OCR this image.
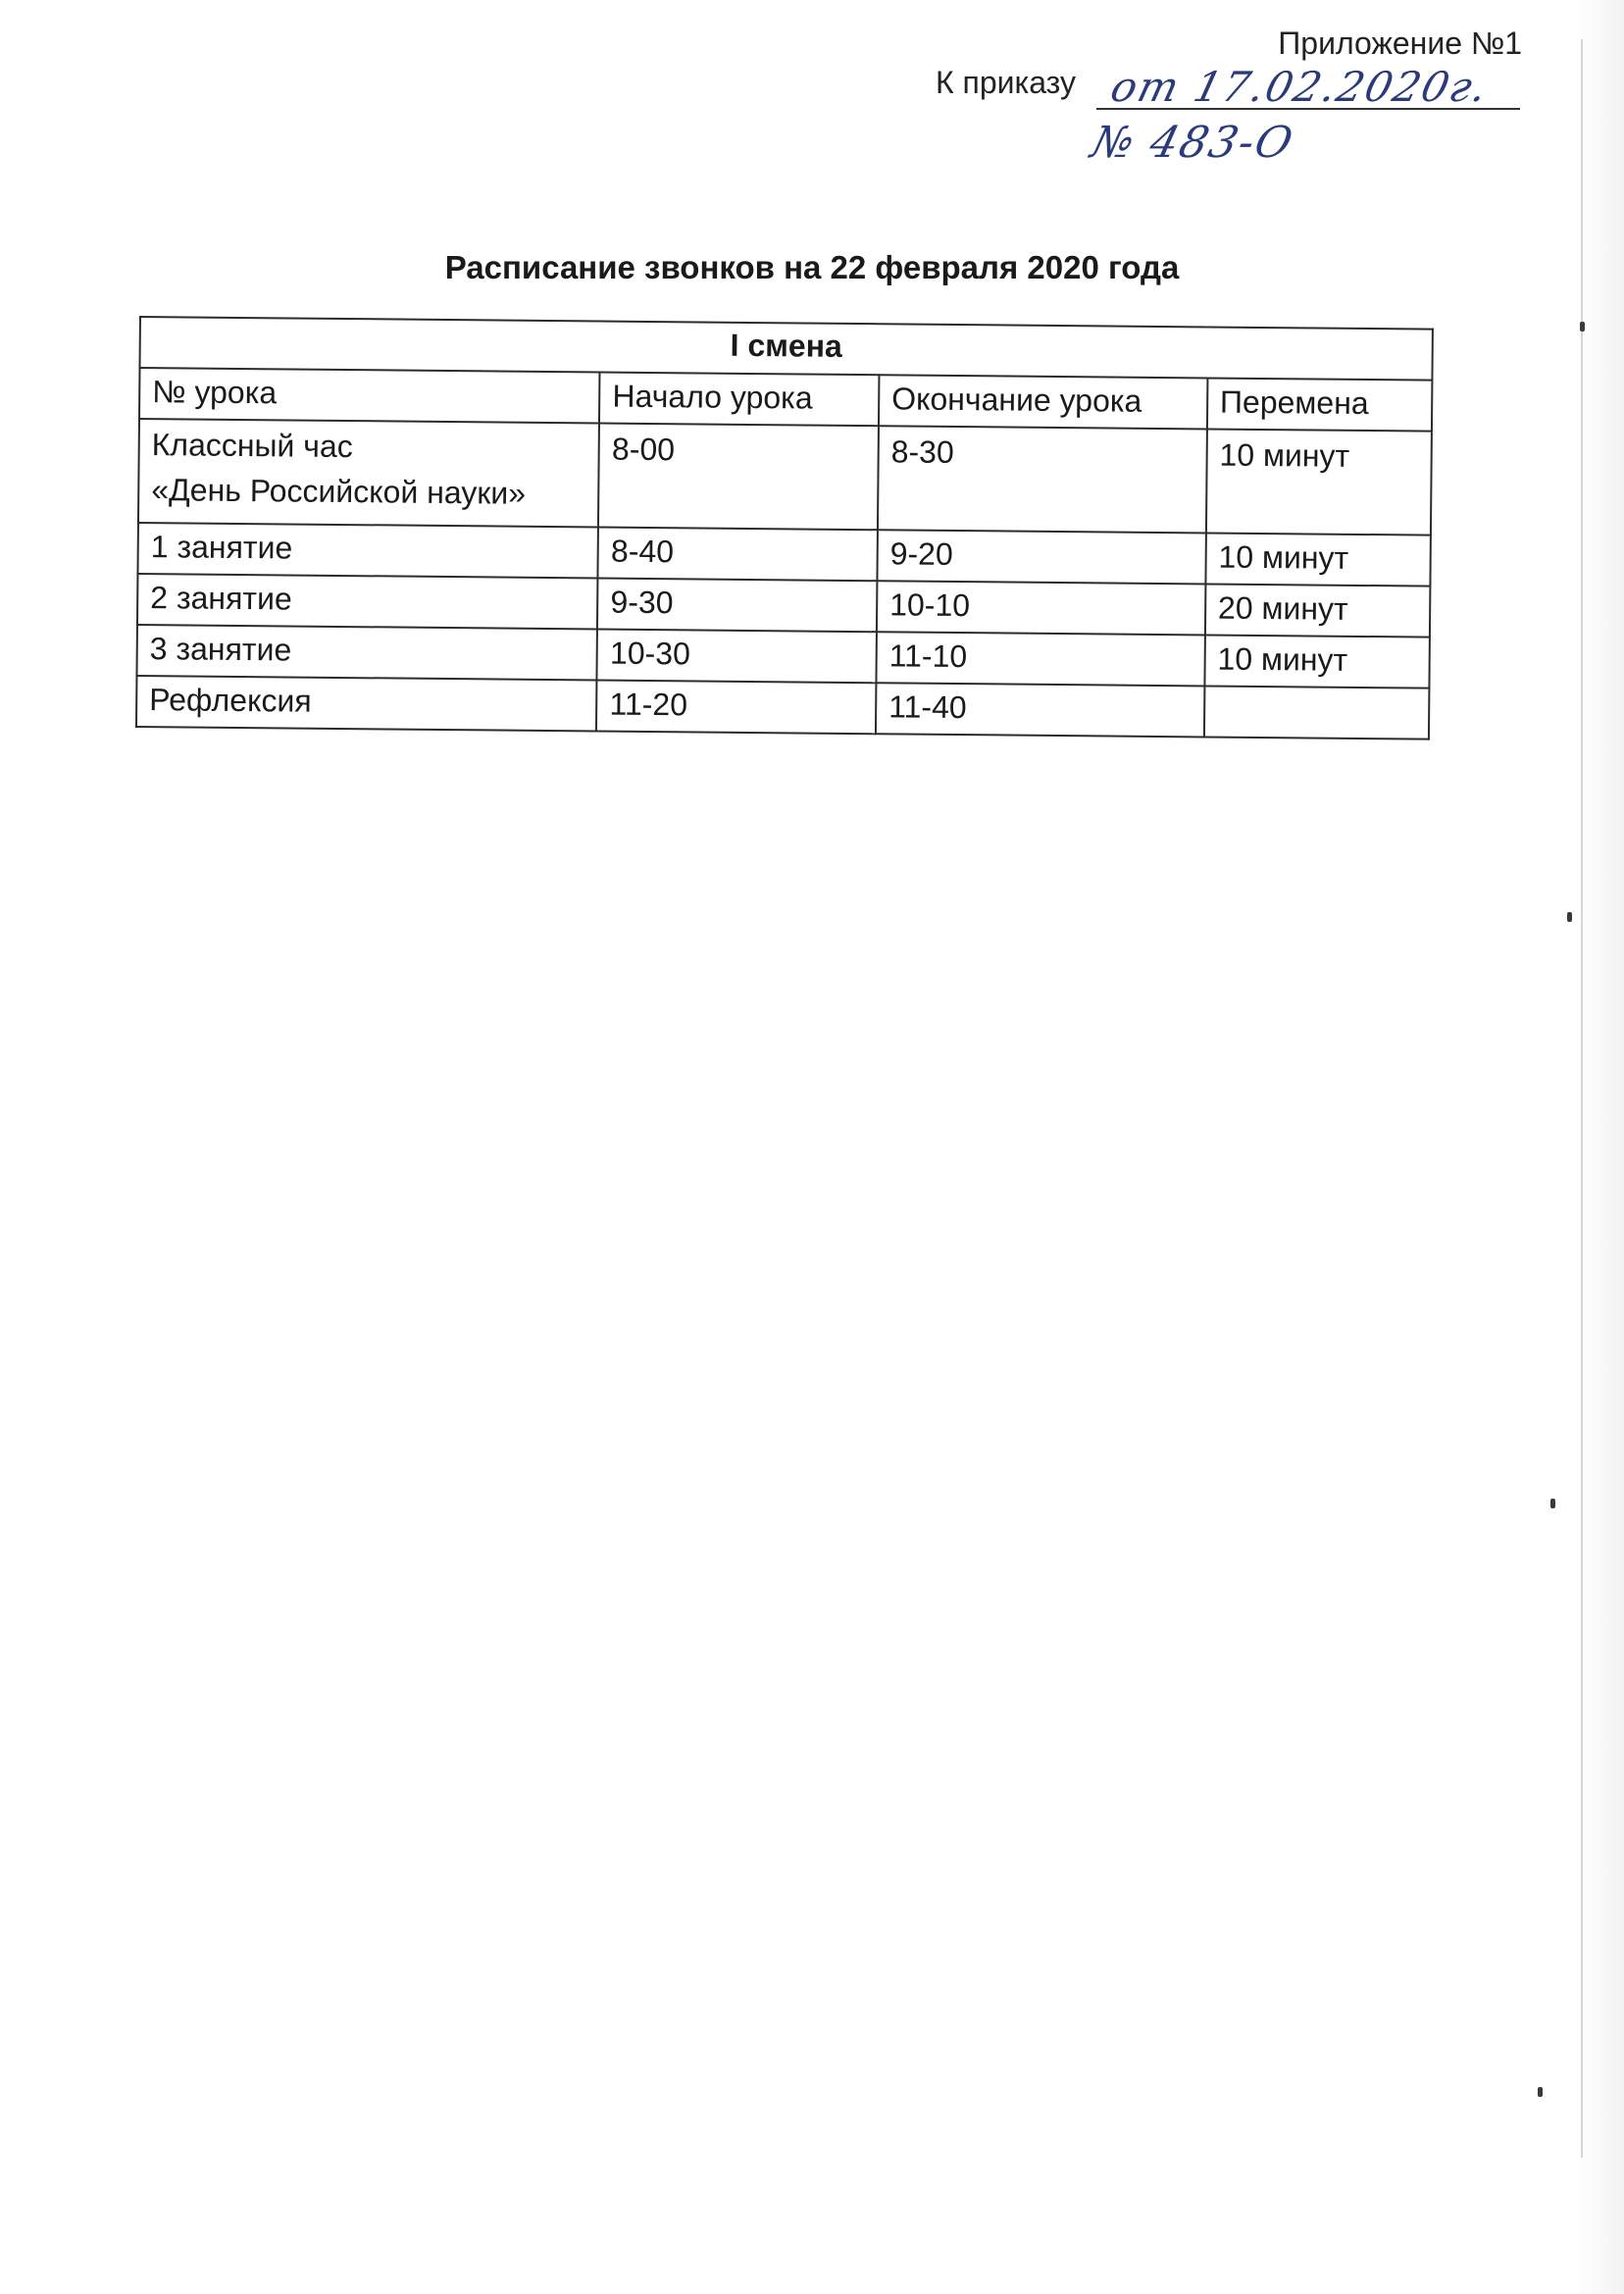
Приложение №1
К приказу от 17.02.2020г.
№ 483-О
Расписание звонков на 22 февраля 2020 года
I смена			
№ урока	Начало урока	Окончание урока	Перемена

Классный час
«День Российской науки»	8-00	8-30	10 минут
1 занятие	8-40	9-20	10 минут
2 занятие	9-30	10-10	20 минут
3 занятие	10-30	11-10	10 минут
Рефлексия	11-20	11-40	
